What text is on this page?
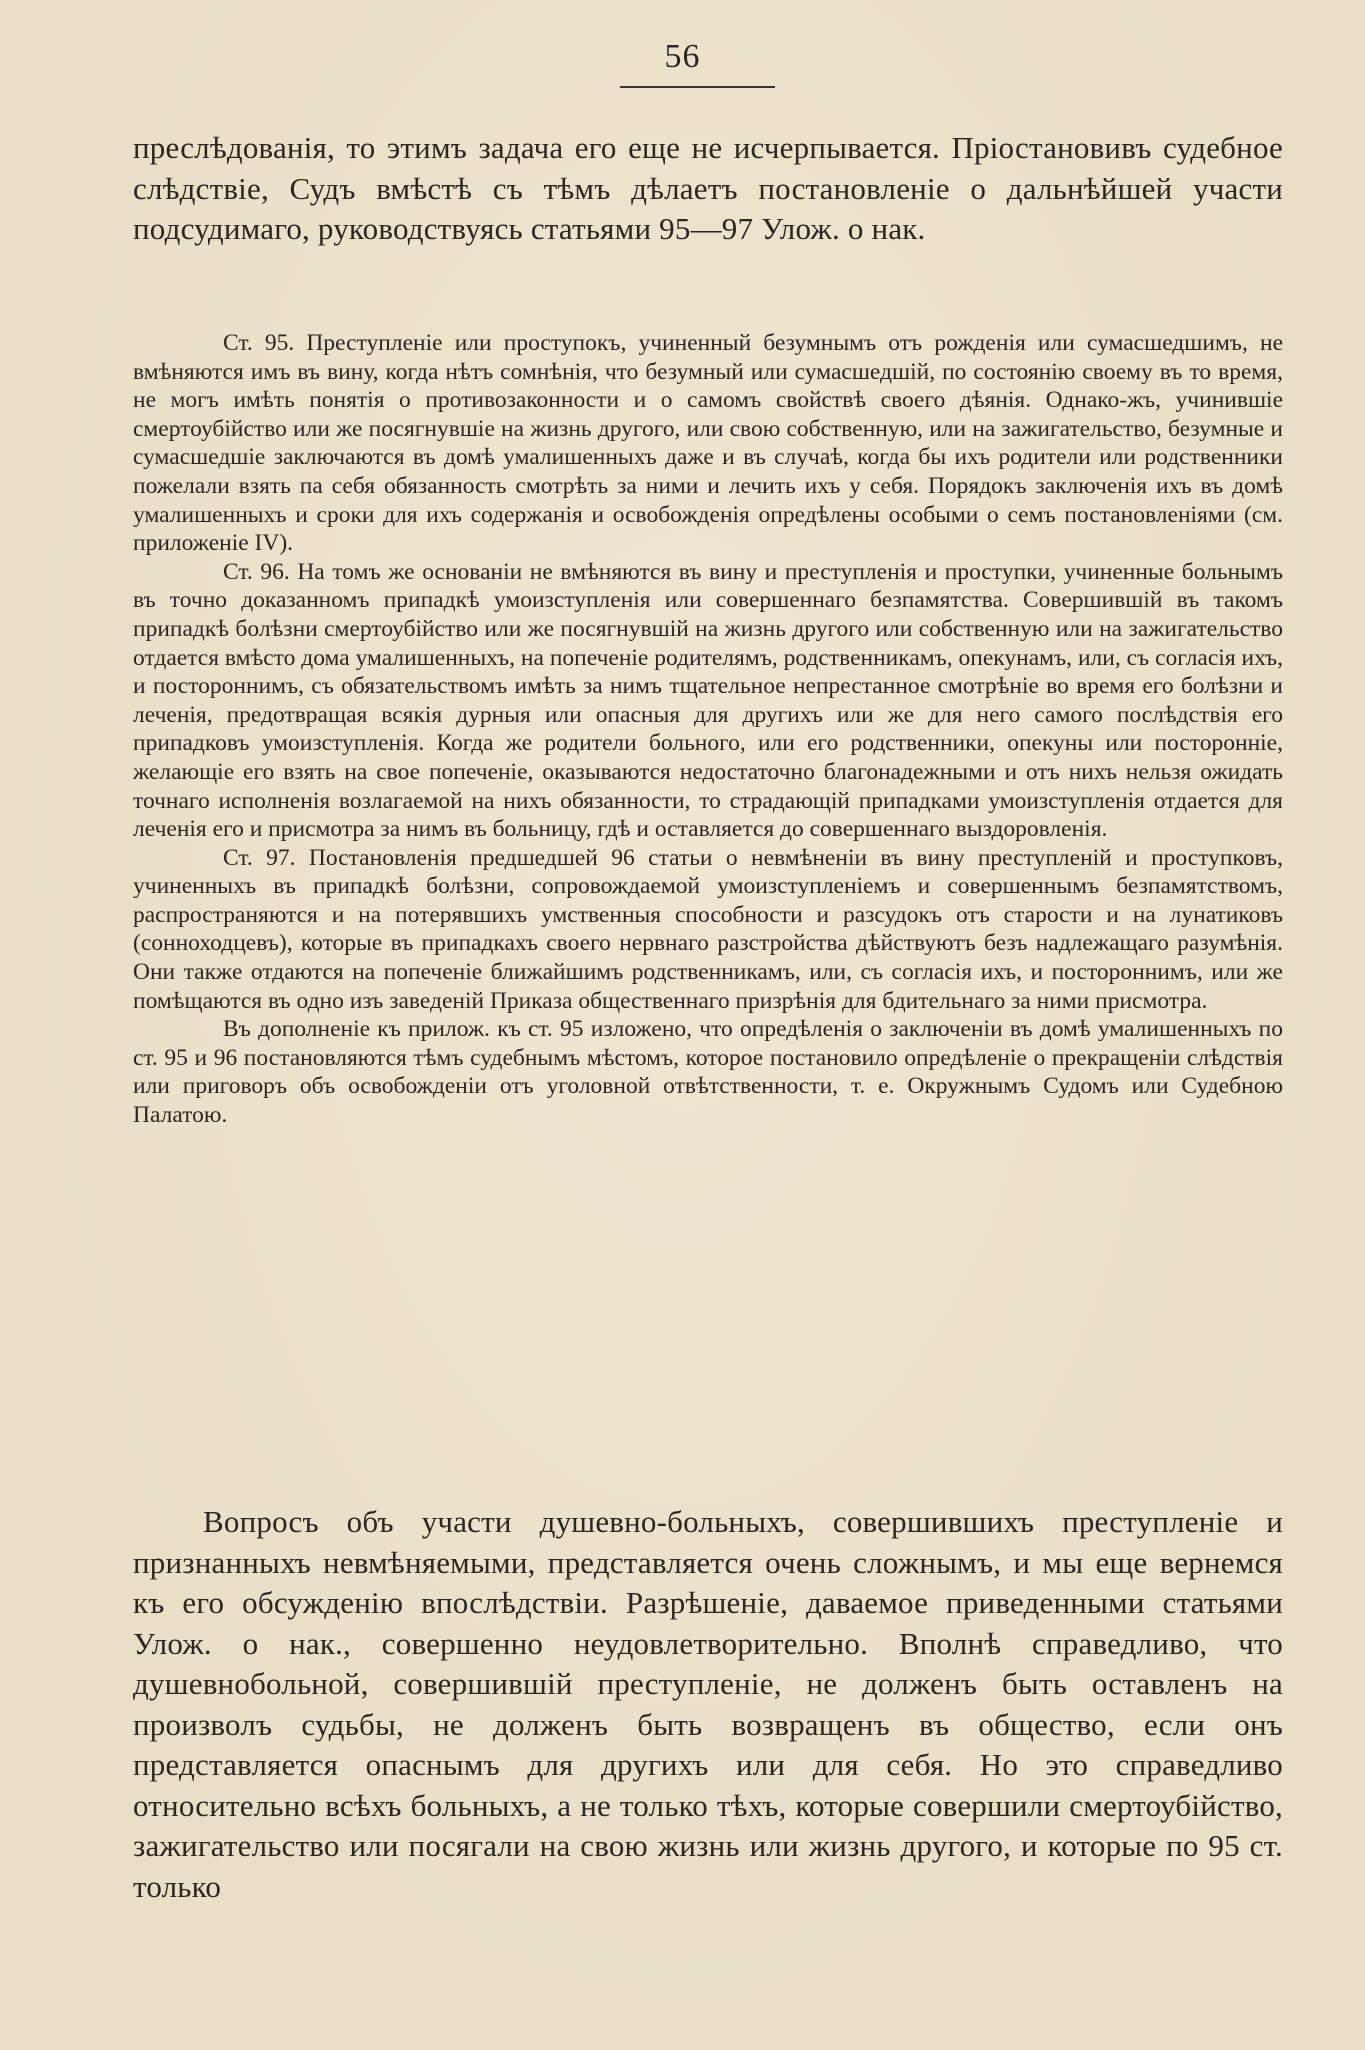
56

преслѣдованія, то этимъ задача его еще не исчерпывается. Пріостановивъ судебное слѣдствіе, Судъ вмѣстѣ съ тѣмъ дѣлаетъ постановленіе о дальнѣйшей участи подсудимаго, руководствуясь статьями 95—97 Улож. о нак.

Ст. 95. Преступленіе или проступокъ, учиненный безумнымъ отъ рожденія или сумасшедшимъ, не вмѣняются имъ въ вину, когда нѣтъ сомнѣнія, что безумный или сумасшедшій, по состоянію своему въ то время, не могъ имѣть понятія о противозаконности и о самомъ свойствѣ своего дѣянія. Однако-жъ, учинившіе смертоубійство или же посягнувшіе на жизнь другого, или свою собственную, или на зажигательство, безумные и сумасшедшіе заключаются въ домѣ умалишенныхъ даже и въ случаѣ, когда бы ихъ родители или родственники пожелали взять па себя обязанность смотрѣть за ними и лечить ихъ у себя. Порядокъ заключенія ихъ въ домѣ умалишенныхъ и сроки для ихъ содержанія и освобожденія опредѣлены особыми о семъ постановленіями (см. приложеніе IV).

Ст. 96. На томъ же основаніи не вмѣняются въ вину и преступленія и проступки, учиненные больнымъ въ точно доказанномъ припадкѣ умоизступленія или совершеннаго безпамятства. Совершившій въ такомъ припадкѣ болѣзни смертоубійство или же посягнувшій на жизнь другого или собственную или на зажигательство отдается вмѣсто дома умалишенныхъ, на попеченіе родителямъ, родственникамъ, опекунамъ, или, съ согласія ихъ, и постороннимъ, съ обязательствомъ имѣть за нимъ тщательное непрестанное смотрѣніе во время его болѣзни и леченія, предотвращая всякія дурныя или опасныя для другихъ или же для него самого послѣдствія его припадковъ умоизступленія. Когда же родители больного, или его родственники, опекуны или посторонніе, желающіе его взять на свое попеченіе, оказываются недостаточно благонадежными и отъ нихъ нельзя ожидать точнаго исполненія возлагаемой на нихъ обязанности, то страдающій припадками умоизступленія отдается для леченія его и присмотра за нимъ въ больницу, гдѣ и оставляется до совершеннаго выздоровленія.

Ст. 97. Постановленія предшедшей 96 статьи о невмѣненіи въ вину преступленій и проступковъ, учиненныхъ въ припадкѣ болѣзни, сопровождаемой умоизступленіемъ и совершеннымъ безпамятствомъ, распространяются и на потерявшихъ умственныя способности и разсудокъ отъ старости и на лунатиковъ (сонноходцевъ), которые въ припадкахъ своего нервнаго разстройства дѣйствуютъ безъ надлежащаго разумѣнія. Они также отдаются на попеченіе ближайшимъ родственникамъ, или, съ согласія ихъ, и постороннимъ, или же помѣщаются въ одно изъ заведеній Приказа общественнаго призрѣнія для бдительнаго за ними присмотра.

Въ дополненіе къ прилож. къ ст. 95 изложено, что опредѣленія о заключеніи въ домѣ умалишенныхъ по ст. 95 и 96 постановляются тѣмъ судебнымъ мѣстомъ, которое постановило опредѣленіе о прекращеніи слѣдствія или приговоръ объ освобожденіи отъ уголовной отвѣтственности, т. е. Окружнымъ Судомъ или Судебною Палатою.

Вопросъ объ участи душевно-больныхъ, совершившихъ преступленіе и признанныхъ невмѣняемыми, представляется очень сложнымъ, и мы еще вернемся къ его обсужденію впослѣдствіи. Разрѣшеніе, даваемое приведенными статьями Улож. о нак., совершенно неудовлетворительно. Вполнѣ справедливо, что душевнобольной, совершившій преступленіе, не долженъ быть оставленъ на произволъ судьбы, не долженъ быть возвращенъ въ общество, если онъ представляется опаснымъ для другихъ или для себя. Но это справедливо относительно всѣхъ больныхъ, а не только тѣхъ, которые совершили смертоубійство, зажигательство или посягали на свою жизнь или жизнь другого, и которые по 95 ст. только
